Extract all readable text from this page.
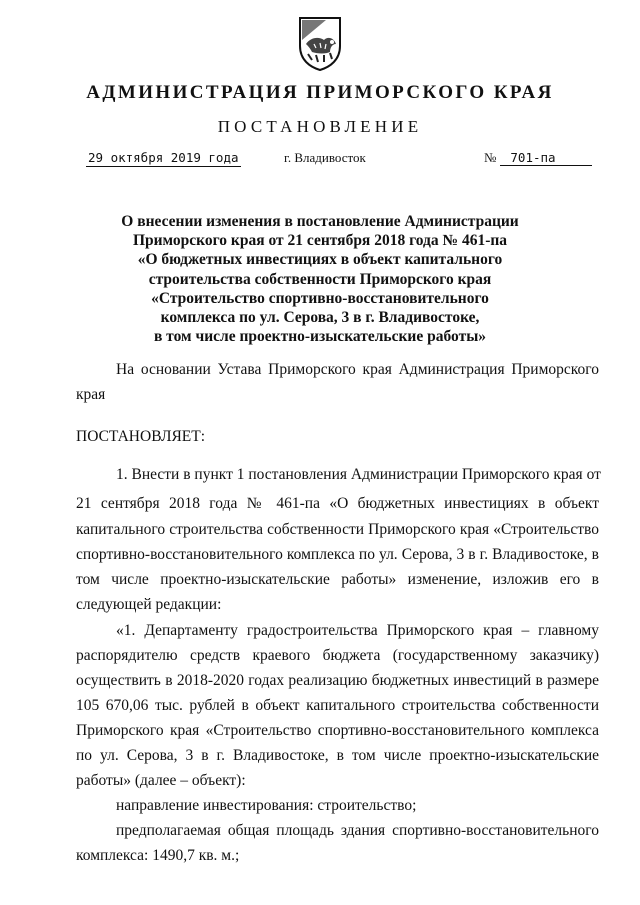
АДМИНИСТРАЦИЯ ПРИМОРСКОГО КРАЯ
ПОСТАНОВЛЕНИЕ
29 октября 2019 года	г. Владивосток	№ 701-па
О внесении изменения в постановление Администрации
Приморского края от 21 сентября 2018 года № 461-па
«О бюджетных инвестициях в объект капитального
строительства собственности Приморского края
«Строительство спортивно-восстановительного
комплекса по ул. Серова, 3 в г. Владивостоке,
в том числе проектно-изыскательские работы»
На основании Устава Приморского края Администрация Приморского
края
ПОСТАНОВЛЯЕТ:
1. Внести в пункт 1 постановления Администрации Приморского края от
21 сентября 2018 года № 461-па «О бюджетных инвестициях в объект
капитального строительства собственности Приморского края «Строительство
спортивно-восстановительного комплекса по ул. Серова, 3 в г. Владивостоке, в
том числе проектно-изыскательские работы» изменение, изложив его в
следующей редакции:
«1. Департаменту градостроительства Приморского края – главному
распорядителю средств краевого бюджета (государственному заказчику)
осуществить в 2018-2020 годах реализацию бюджетных инвестиций в размере
105 670,06 тыс. рублей в объект капитального строительства собственности
Приморского края «Строительство спортивно-восстановительного комплекса
по ул. Серова, 3 в г. Владивостоке, в том числе проектно-изыскательские
работы» (далее – объект):
направление инвестирования: строительство;
предполагаемая общая площадь здания спортивно-восстановительного
комплекса: 1490,7 кв. м.;
